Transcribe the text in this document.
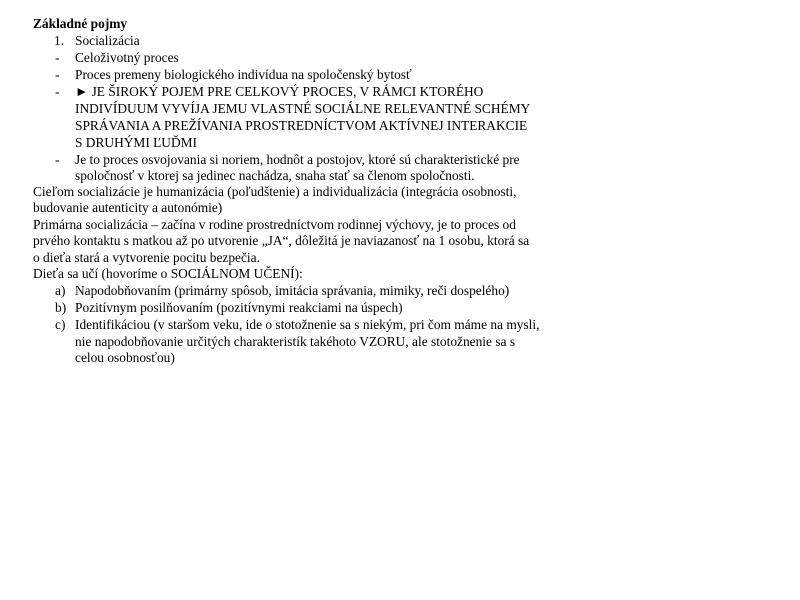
Základné pojmy
1. Socializácia
- Celoživotný proces
- Proces premeny biologického indivídua na spoločenský bytosť
- ► JE ŠIROKÝ POJEM PRE CELKOVÝ PROCES, V RÁMCI KTORÉHO
INDIVÍDUUM VYVÍJA JEMU VLASTNÉ SOCIÁLNE RELEVANTNÉ SCHÉMY
SPRÁVANIA A PREŽÍVANIA PROSTREDNÍCTVOM AKTÍVNEJ INTERAKCIE
S DRUHÝMI ĽUĎMI
- Je to proces osvojovania si noriem, hodnôt a postojov, ktoré sú charakteristické pre
spoločnosť v ktorej sa jedinec nachádza, snaha stať sa členom spoločnosti.
Cieľom socializácie je humanizácia (poľudštenie) a individualizácia (integrácia osobnosti,
budovanie autenticity a autonómie)
Primárna socializácia – začína v rodine prostredníctvom rodinnej výchovy, je to proces od
prvého kontaktu s matkou až po utvorenie „JA“, dôležitá je naviazanosť na 1 osobu, ktorá sa
o dieťa stará a vytvorenie pocitu bezpečia.
Dieťa sa učí (hovoríme o SOCIÁLNOM UČENÍ):
a) Napodobňovaním (primárny spôsob, imitácia správania, mimiky, reči dospelého)
b) Pozitívnym posilňovaním (pozitívnymi reakciami na úspech)
c) Identifikáciou (v staršom veku, ide o stotožnenie sa s niekým, pri čom máme na mysli,
nie napodobňovanie určitých charakteristík takéhoto VZORU, ale stotožnenie sa s
celou osobnosťou)
